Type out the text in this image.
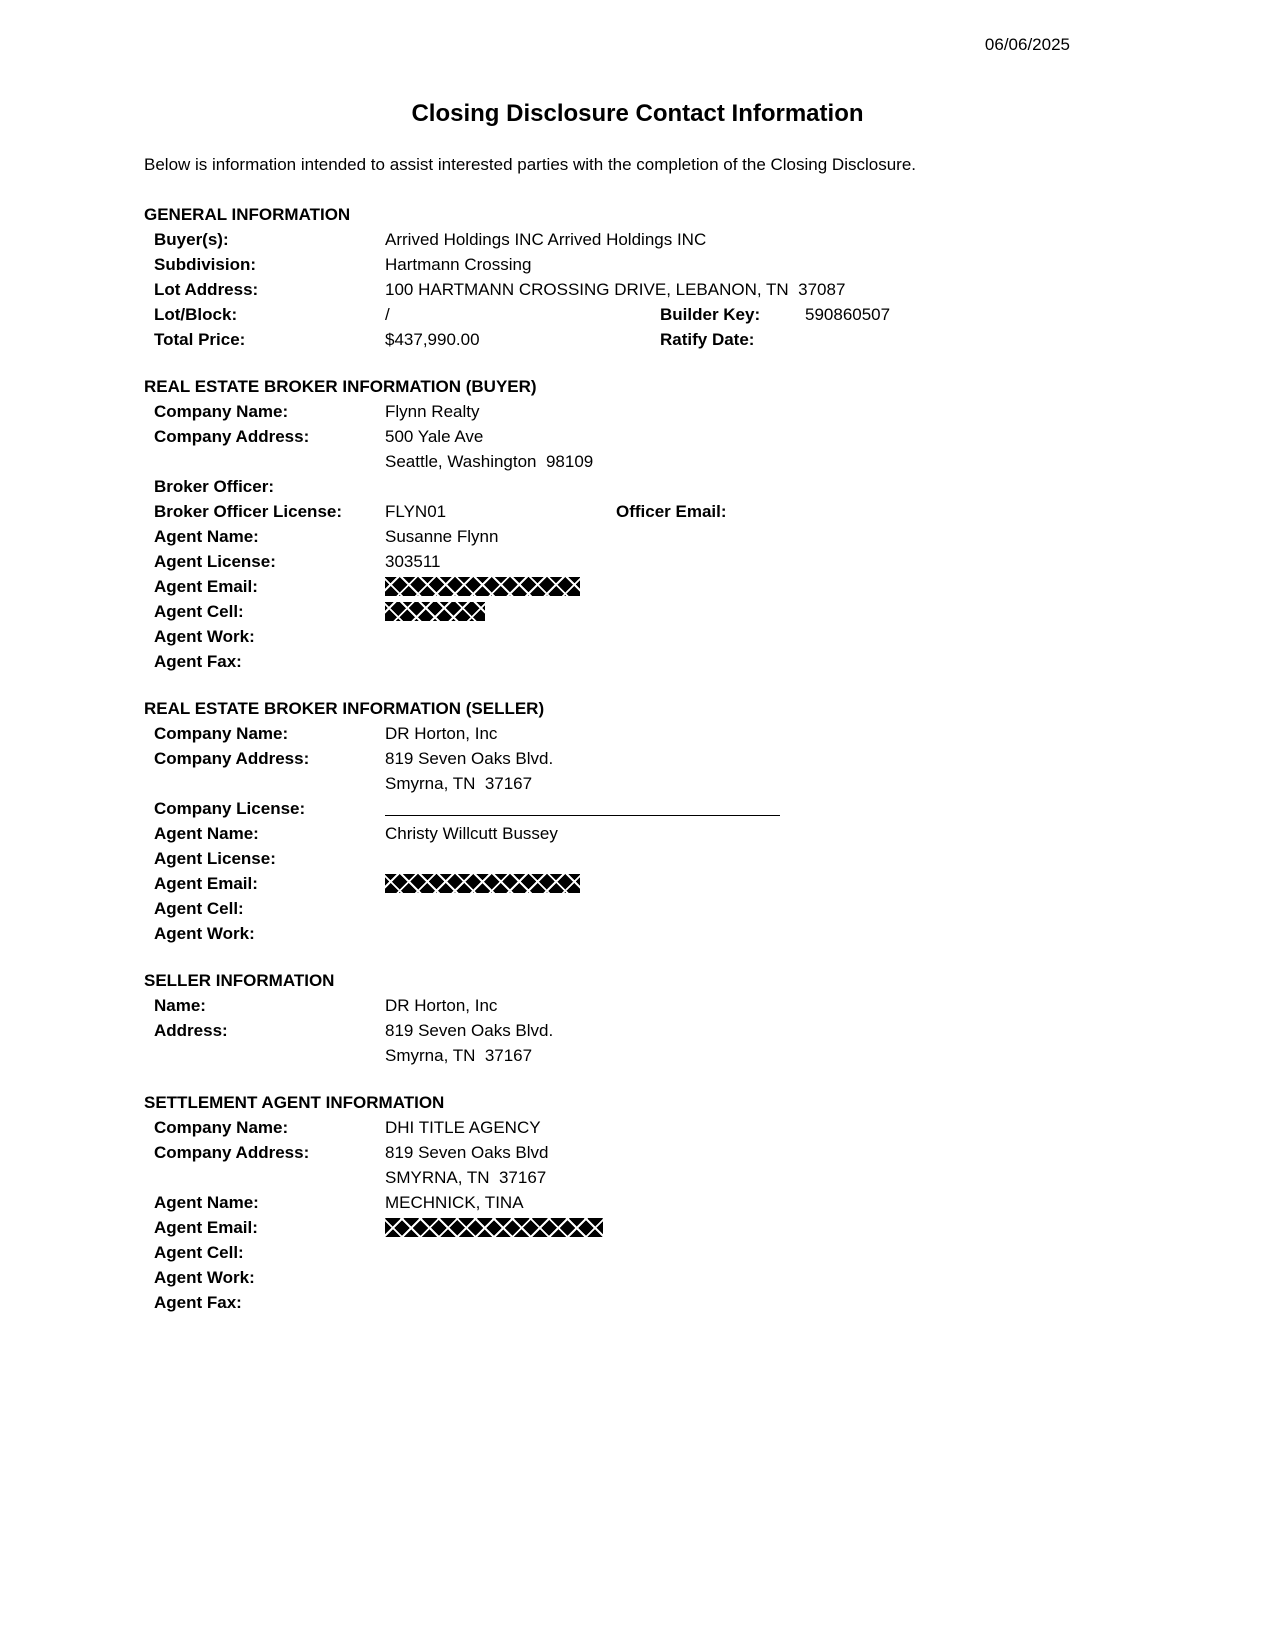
06/06/2025
Closing Disclosure Contact Information

Below is information intended to assist interested parties with the completion of the Closing Disclosure.

GENERAL INFORMATION
Buyer(s):	Arrived Holdings INC Arrived Holdings INC
Subdivision:	Hartmann Crossing
Lot Address:	100 HARTMANN CROSSING DRIVE, LEBANON, TN  37087
Lot/Block:	/	Builder Key:	590860507
Total Price:	$437,990.00	Ratify Date:
REAL ESTATE BROKER INFORMATION (BUYER)
Company Name:	Flynn Realty
Company Address:	500 Yale Ave
Seattle, Washington  98109
Broker Officer:
Broker Officer License:	FLYN01	Officer Email:
Agent Name:	Susanne Flynn
Agent License:	303511
Agent Email:
Agent Cell:
Agent Work:
Agent Fax:
REAL ESTATE BROKER INFORMATION (SELLER)
Company Name:	DR Horton, Inc
Company Address:	819 Seven Oaks Blvd.
Smyrna, TN  37167
Company License:
Agent Name:	Christy Willcutt Bussey
Agent License:
Agent Email:
Agent Cell:
Agent Work:
SELLER INFORMATION
Name:	DR Horton, Inc
Address:	819 Seven Oaks Blvd.
Smyrna, TN  37167
SETTLEMENT AGENT INFORMATION
Company Name:	DHI TITLE AGENCY
Company Address:	819 Seven Oaks Blvd
SMYRNA, TN  37167
Agent Name:	MECHNICK, TINA
Agent Email:
Agent Cell:
Agent Work:
Agent Fax:
